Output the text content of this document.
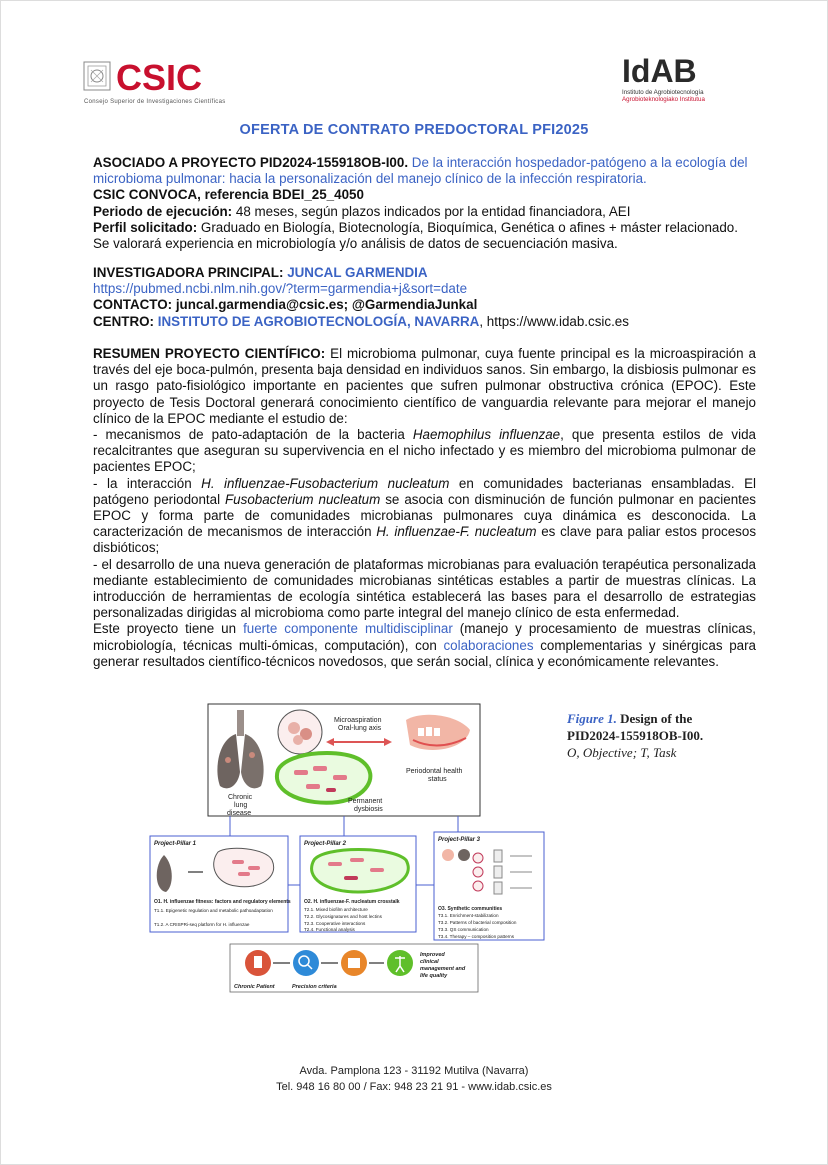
CSIC
Consejo Superior de Investigaciones Científicas
IdAB
Instituto de Agrobiotecnología
Agrobioteknologiako Institutua
OFERTA DE CONTRATO PREDOCTORAL PFI2025

ASOCIADO A PROYECTO PID2024-155918OB-I00. De la interacción hospedador-patógeno a la ecología del microbioma pulmonar: hacia la personalización del manejo clínico de la infección respiratoria.

CSIC CONVOCA, referencia BDEI_25_4050

Periodo de ejecución: 48 meses, según plazos indicados por la entidad financiadora, AEI

Perfil solicitado: Graduado en Biología, Biotecnología, Bioquímica, Genética o afines + máster relacionado. Se valorará experiencia en microbiología y/o análisis de datos de secuenciación masiva.

INVESTIGADORA PRINCIPAL: JUNCAL GARMENDIA

https://pubmed.ncbi.nlm.nih.gov/?term=garmendia+j&sort=date

CONTACTO: juncal.garmendia@csic.es; @GarmendiaJunkal

CENTRO: INSTITUTO DE AGROBIOTECNOLOGÍA, NAVARRA, https://www.idab.csic.es

RESUMEN PROYECTO CIENTÍFICO: El microbioma pulmonar, cuya fuente principal es la microaspiración a través del eje boca-pulmón, presenta baja densidad en individuos sanos. Sin embargo, la disbiosis pulmonar es un rasgo pato-fisiológico importante en pacientes que sufren pulmonar obstructiva crónica (EPOC). Este proyecto de Tesis Doctoral generará conocimiento científico de vanguardia relevante para mejorar el manejo clínico de la EPOC mediante el estudio de:

- mecanismos de pato-adaptación de la bacteria Haemophilus influenzae, que presenta estilos de vida recalcitrantes que aseguran su supervivencia en el nicho infectado y es miembro del microbioma pulmonar de pacientes EPOC;

- la interacción H. influenzae-Fusobacterium nucleatum en comunidades bacterianas ensambladas. El patógeno periodontal Fusobacterium nucleatum se asocia con disminución de función pulmonar en pacientes EPOC y forma parte de comunidades microbianas pulmonares cuya dinámica es desconocida. La caracterización de mecanismos de interacción H. influenzae-F. nucleatum es clave para paliar estos procesos disbióticos;

- el desarrollo de una nueva generación de plataformas microbianas para evaluación terapéutica personalizada mediante establecimiento de comunidades microbianas sintéticas estables a partir de muestras clínicas. La introducción de herramientas de ecología sintética establecerá las bases para el desarrollo de estrategias personalizadas dirigidas al microbioma como parte integral del manejo clínico de esta enfermedad.

Este proyecto tiene un fuerte componente multidisciplinar (manejo y procesamiento de muestras clínicas, microbiología, técnicas multi-ómicas, computación), con colaboraciones complementarias y sinérgicas para generar resultados científico-técnicos novedosos, que serán social, clínica y económicamente relevantes.

Chronic
lung
disease
Microaspiration
Oral-lung axis
Periodontal health
status
Permanent
dysbiosis
Project-Pillar 1
O1. H. influenzae fitness: factors and regulatory elements
T1.1. Epigenetic regulation and metabolic pathoadaptation
T1.2. A CRISPRi-seq platform for H. influenzae
Project-Pillar 2
O2. H. influenzae-F. nucleatum crosstalk
T2.1. Mixed biofilm architecture
T2.2. Glycosignatures and host lectins
T2.3. Cooperative interactions
T2.4. Functional analysis
Project-Pillar 3
O3. Synthetic communities
T3.1. Enrichment-stabilization
T3.2. Patterns of bacterial composition
T3.3. QS communication
T3.4. Therapy – composition patterns
Chronic Patient	Precision criteria
Improved
clinical
management and
life quality
Figure 1. Design of the PID2024-155918OB-I00. O, Objective; T, Task
Avda. Pamplona 123 - 31192 Mutilva (Navarra)
Tel. 948 16 80 00 / Fax: 948 23 21 91 - www.idab.csic.es
